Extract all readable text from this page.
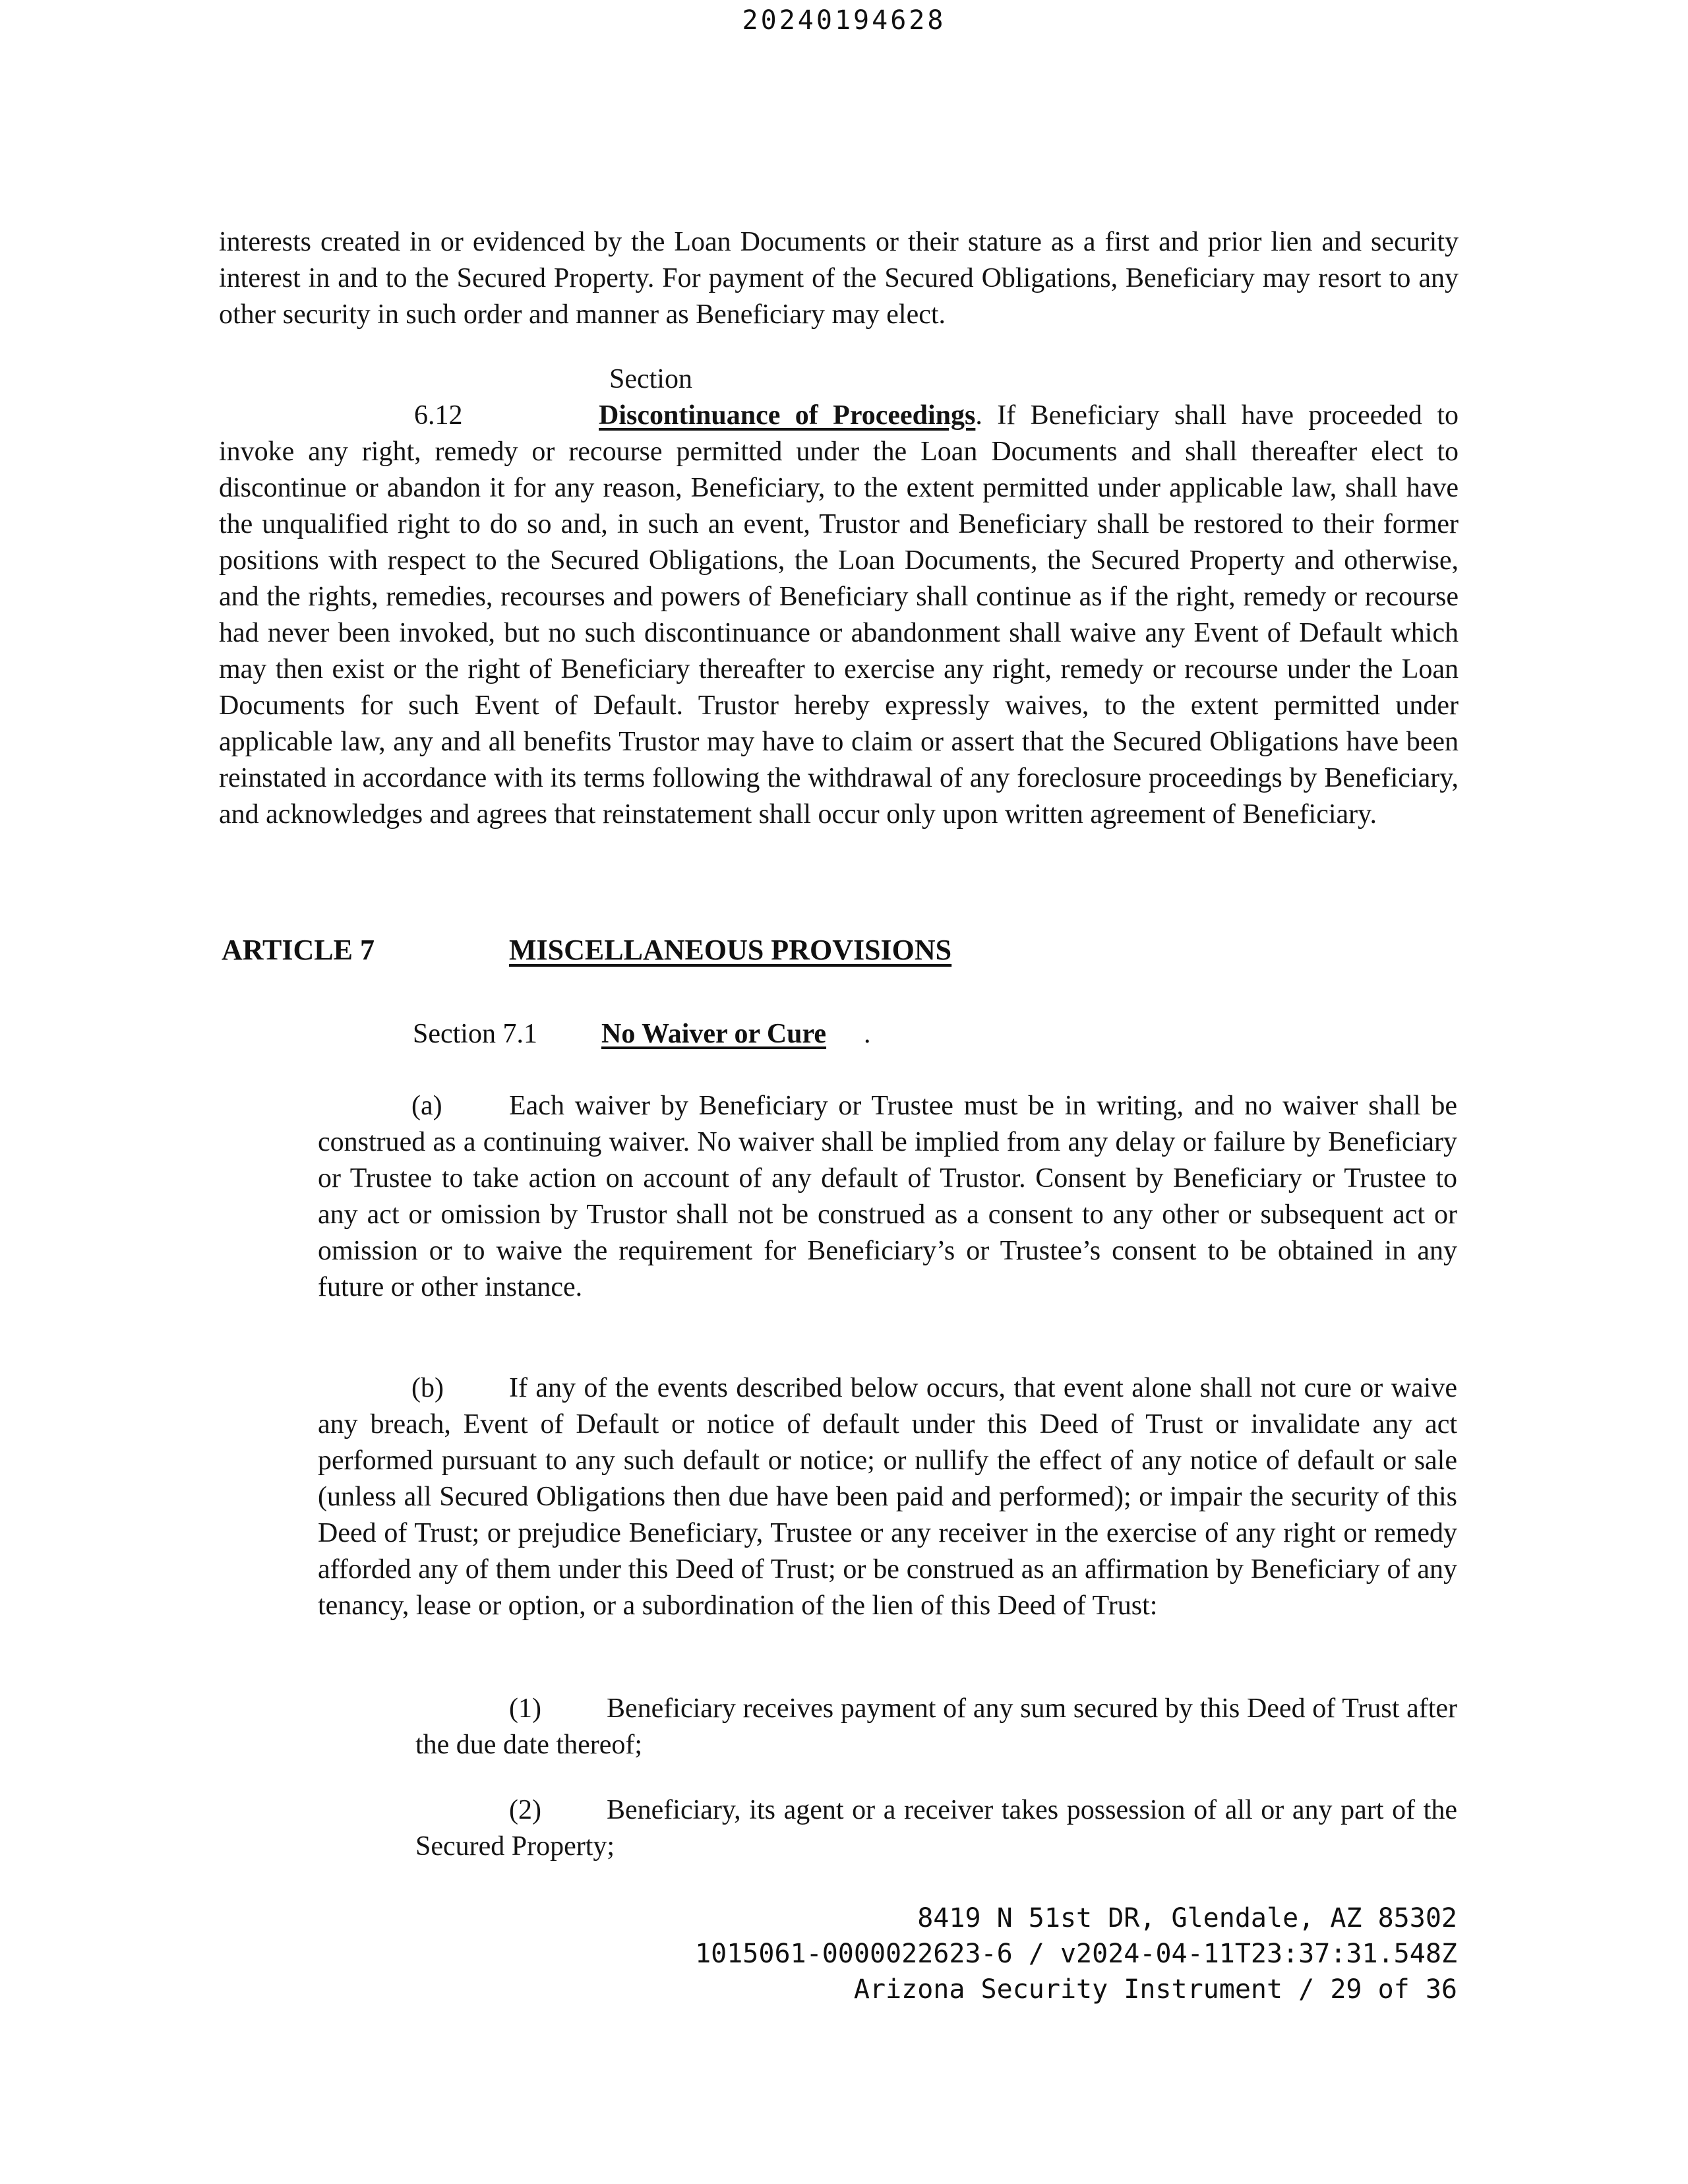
20240194628

interests created in or evidenced by the Loan Documents or their stature as a first and prior lien and security interest in and to the Secured Property. For payment of the Secured Obligations, Beneficiary may resort to any other security in such order and manner as Beneficiary may elect.

Section 6.12	Discontinuance of Proceedings. If Beneficiary shall have proceeded to invoke any right, remedy or recourse permitted under the Loan Documents and shall thereafter elect to discontinue or abandon it for any reason, Beneficiary, to the extent permitted under applicable law, shall have the unqualified right to do so and, in such an event, Trustor and Beneficiary shall be restored to their former positions with respect to the Secured Obligations, the Loan Documents, the Secured Property and otherwise, and the rights, remedies, recourses and powers of Beneficiary shall continue as if the right, remedy or recourse had never been invoked, but no such discontinuance or abandonment shall waive any Event of Default which may then exist or the right of Beneficiary thereafter to exercise any right, remedy or recourse under the Loan Documents for such Event of Default. Trustor hereby expressly waives, to the extent permitted under applicable law, any and all benefits Trustor may have to claim or assert that the Secured Obligations have been reinstated in accordance with its terms following the withdrawal of any foreclosure proceedings by Beneficiary, and acknowledges and agrees that reinstatement shall occur only upon written agreement of Beneficiary.

ARTICLE 7	MISCELLANEOUS PROVISIONS
Section 7.1 No Waiver or Cure .

(a) Each waiver by Beneficiary or Trustee must be in writing, and no waiver shall be construed as a continuing waiver. No waiver shall be implied from any delay or failure by Beneficiary or Trustee to take action on account of any default of Trustor. Consent by Beneficiary or Trustee to any act or omission by Trustor shall not be construed as a consent to any other or subsequent act or omission or to waive the requirement for Beneficiary’s or Trustee’s consent to be obtained in any future or other instance.

(b) If any of the events described below occurs, that event alone shall not cure or waive any breach, Event of Default or notice of default under this Deed of Trust or invalidate any act performed pursuant to any such default or notice; or nullify the effect of any notice of default or sale (unless all Secured Obligations then due have been paid and performed); or impair the security of this Deed of Trust; or prejudice Beneficiary, Trustee or any receiver in the exercise of any right or remedy afforded any of them under this Deed of Trust; or be construed as an affirmation by Beneficiary of any tenancy, lease or option, or a subordination of the lien of this Deed of Trust:

(1) Beneficiary receives payment of any sum secured by this Deed of Trust after the due date thereof;

(2) Beneficiary, its agent or a receiver takes possession of all or any part of the Secured Property;

8419 N 51st DR, Glendale, AZ 85302
1015061-0000022623-6 / v2024-04-11T23:37:31.548Z
Arizona Security Instrument / 29 of 36
